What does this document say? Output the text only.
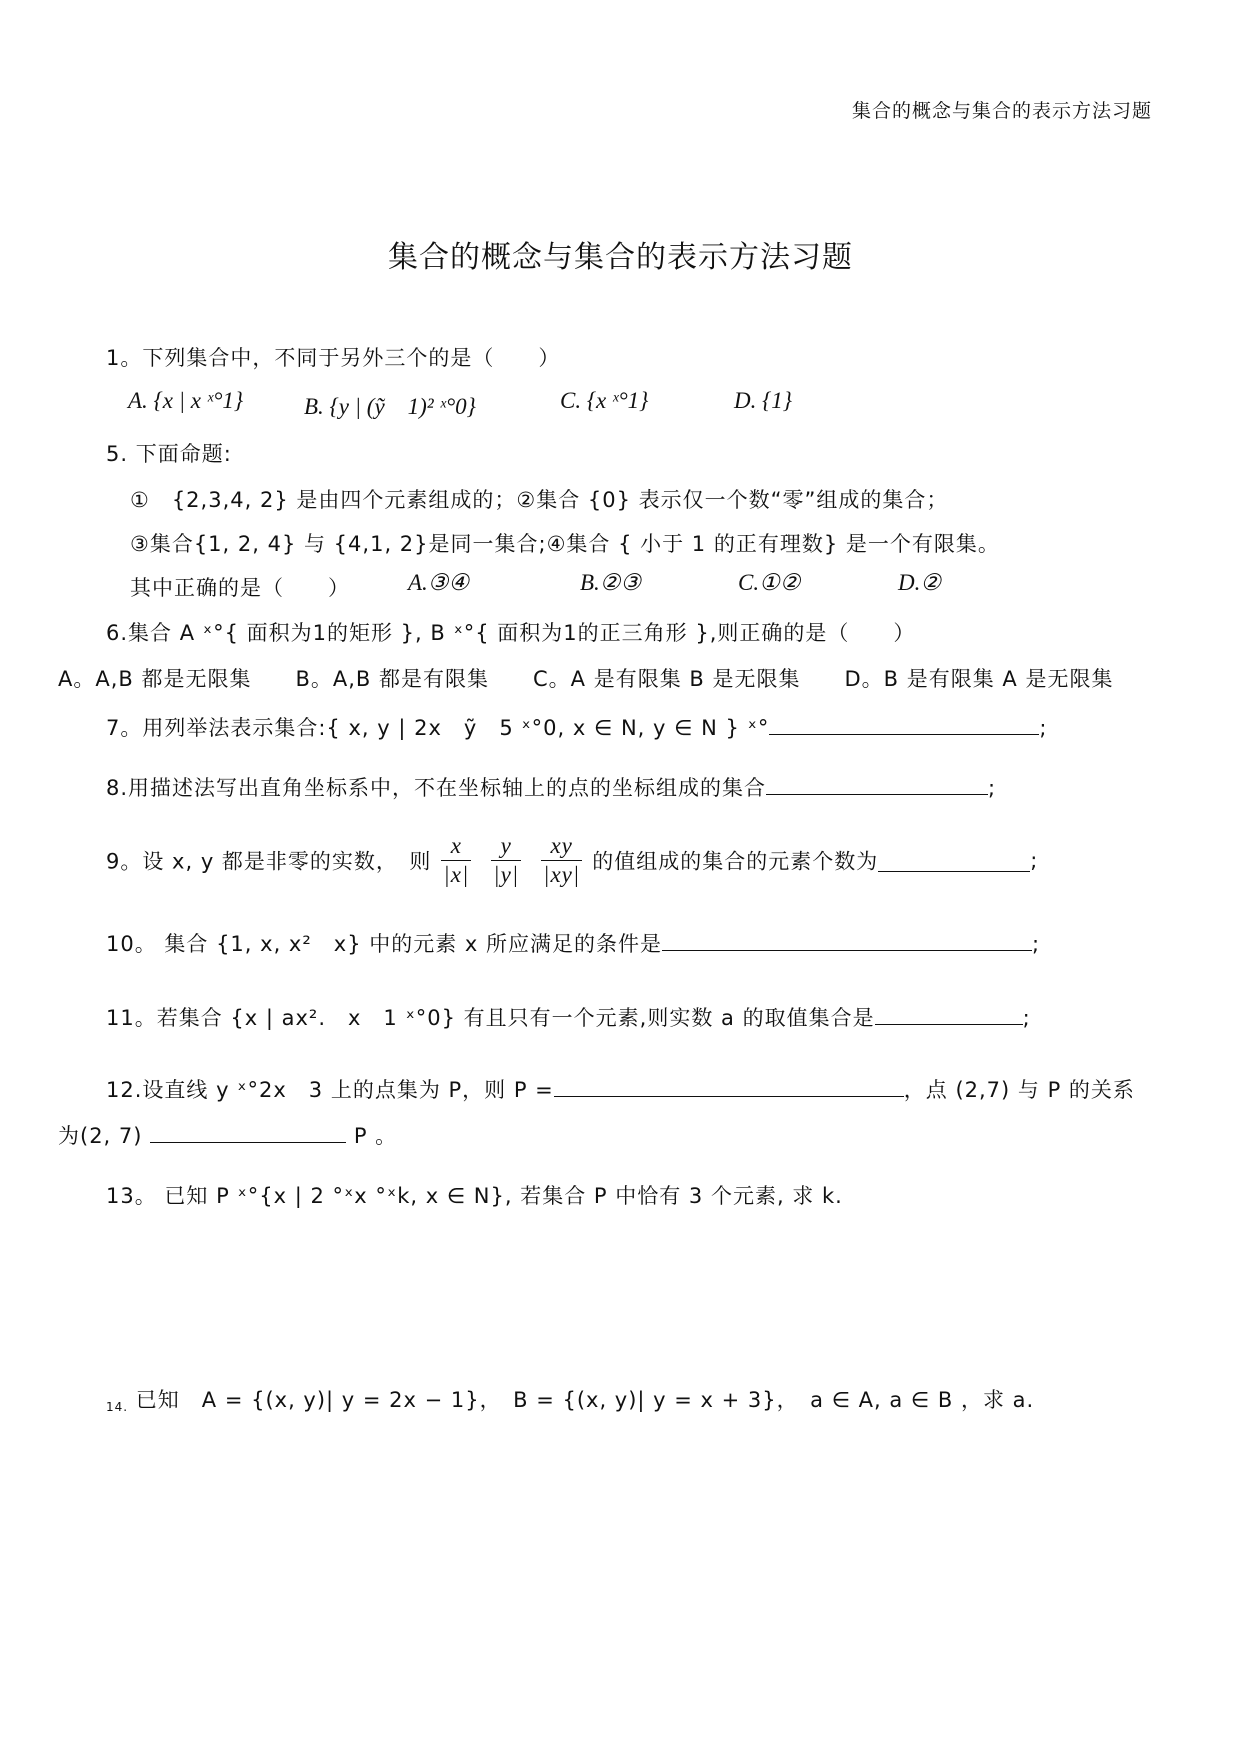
集合的概念与集合的表示方法习题
集合的概念与集合的表示方法习题
1。下列集合中，不同于另外三个的是（　　）
A. {x | x ˣ°1}	B. {y | (ỹ　1)² ˣ°0}	C. {x ˣ°1}	D. {1}
5. 下面命题:
①　{2,3,4, 2} 是由四个元素组成的；②集合 {0} 表示仅一个数“零”组成的集合；
③集合{1, 2, 4} 与 {4,1, 2}是同一集合;④集合 { 小于 1 的正有理数} 是一个有限集。
其中正确的是（　　）	A.③④	B.②③	C.①②	D.②
6.集合 A ˣ°{ 面积为1的矩形 }, B ˣ°{ 面积为1的正三角形 },则正确的是（　　）
A。A,B 都是无限集　　B。A,B 都是有限集　　C。A 是有限集 B 是无限集　　D。B 是有限集 A 是无限集
7。用列举法表示集合:{ x, y | 2x　ỹ　5 ˣ°0, x ∈ N, y ∈ N } ˣ°	;
8.用描述法写出直角坐标系中，不在坐标轴上的点的坐标组成的集合	;
9。设 x, y 都是非零的实数，　则 $\frac{x}{|x|} \frac{y}{|y|} \frac{xy}{|xy|}$ 的值组成的集合的元素个数为	;
10。 集合 {1, x, x²　x} 中的元素 x 所应满足的条件是	;
11。若集合 {x | ax².　x　1 ˣ°0} 有且只有一个元素,则实数 a 的取值集合是	;
12.设直线 y ˣ°2x　3 上的点集为 P，则 P =	，点 (2,7) 与 P 的关系
为(2, 7)	P 。
13。 已知 P ˣ°{x | 2 °ˣx °ˣk, x ∈ N}, 若集合 P 中恰有 3 个元素, 求 k.
14. 已知　A = {(x, y)| y = 2x − 1}，　B = {(x, y)| y = x + 3}，　a ∈ A, a ∈ B ，求 a.
